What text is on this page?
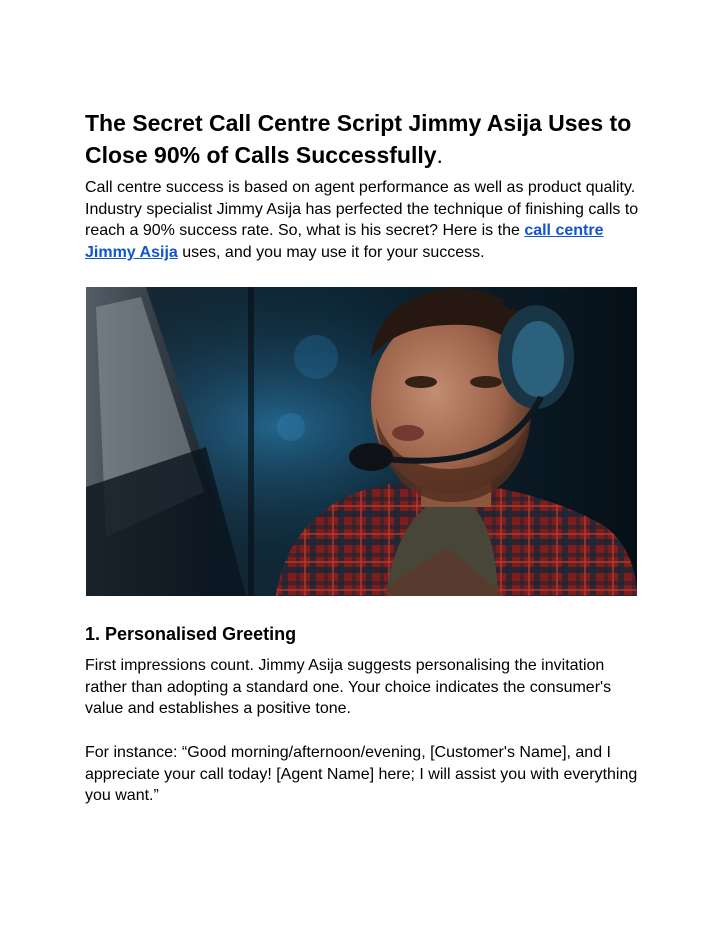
The Secret Call Centre Script Jimmy Asija Uses to Close 90% of Calls Successfully.

Call centre success is based on agent performance as well as product quality. Industry specialist Jimmy Asija has perfected the technique of finishing calls to reach a 90% success rate. So, what is his secret? Here is the call centre Jimmy Asija uses, and you may use it for your success.

1. Personalised Greeting

First impressions count. Jimmy Asija suggests personalising the invitation rather than adopting a standard one. Your choice indicates the consumer's value and establishes a positive tone.

For instance: “Good morning/afternoon/evening, [Customer's Name], and I appreciate your call today! [Agent Name] here; I will assist you with everything you want.”
